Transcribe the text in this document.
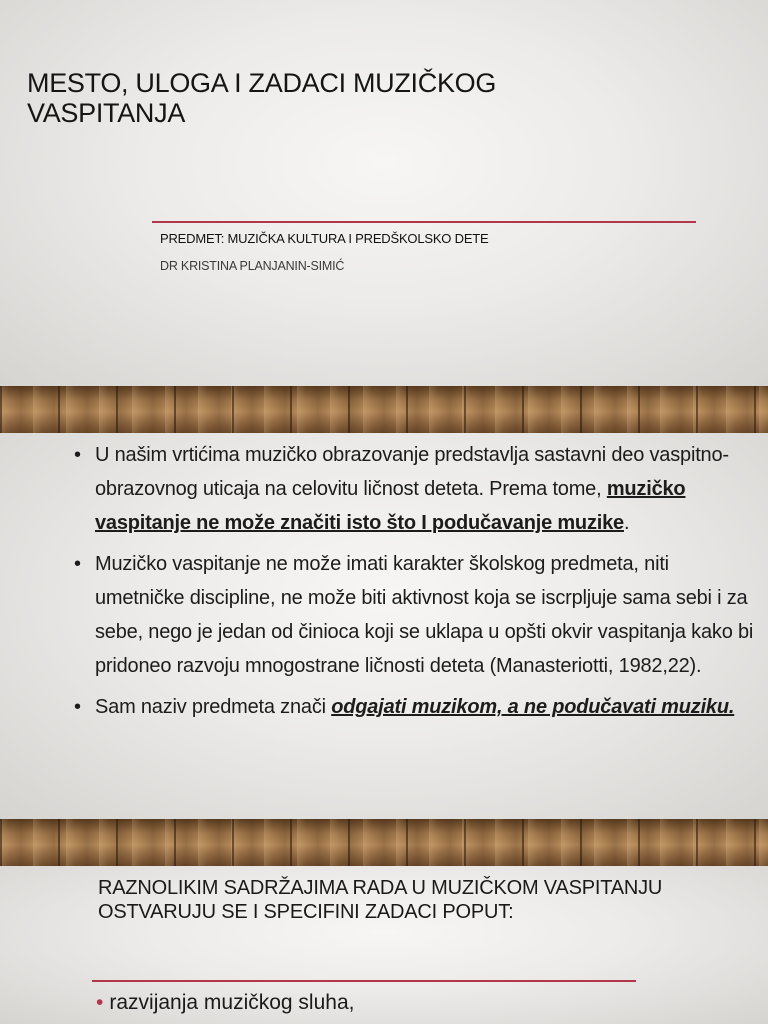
MESTO, ULOGA I ZADACI MUZIČKOG VASPITANJA
PREDMET: MUZIČKA KULTURA I PREDŠKOLSKO DETE
DR KRISTINA PLANJANIN-SIMIĆ
• U našim vrtićima muzičko obrazovanje predstavlja sastavni deo vaspitno-obrazovnog uticaja na celovitu ličnost deteta. Prema tome, muzičko vaspitanje ne može značiti isto što I podučavanje muzike.
• Muzičko vaspitanje ne može imati karakter školskog predmeta, niti umetničke discipline, ne može biti aktivnost koja se iscrpljuje sama sebi i za sebe, nego je jedan od činioca koji se uklapa u opšti okvir vaspitanja kako bi pridoneo razvoju mnogostrane ličnosti deteta (Manasteriotti, 1982,22).
• Sam naziv predmeta znači odgajati muzikom, a ne podučavati muziku.
RAZNOLIKIM SADRŽAJIMA RADA U MUZIČKOM VASPITANJU OSTVARUJU SE I SPECIFINI ZADACI POPUT:
• razvijanja muzičkog sluha,
